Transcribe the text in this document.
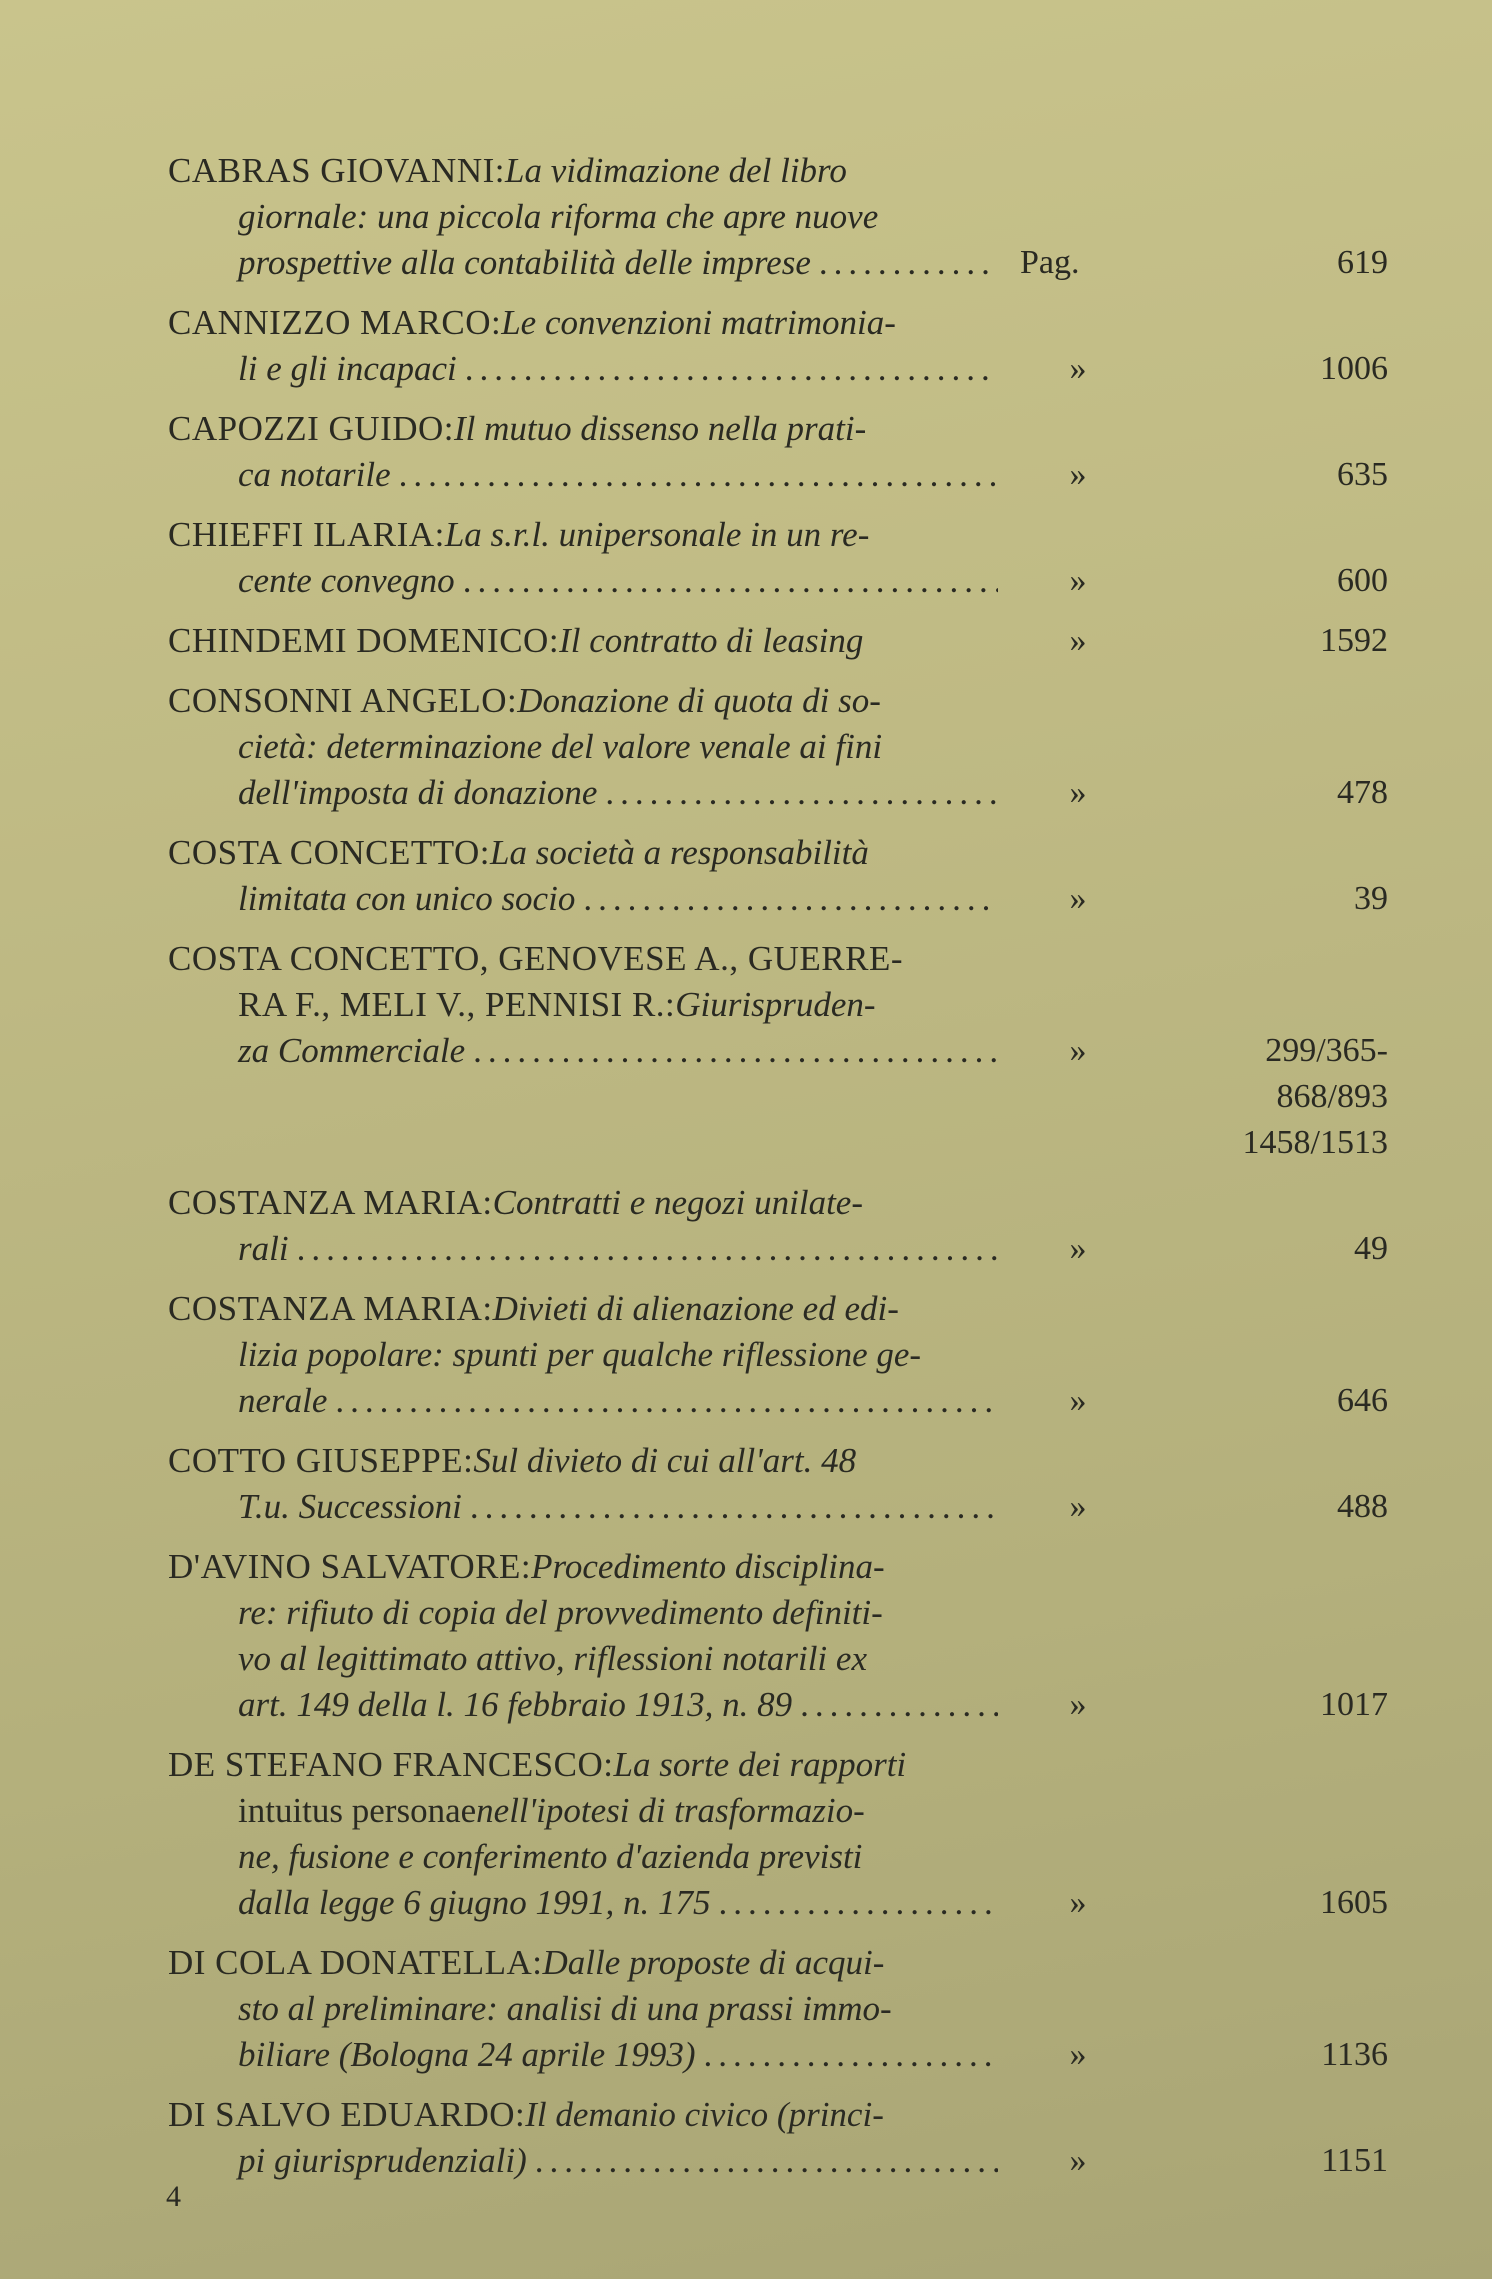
CABRAS GIOVANNI: La vidimazione del libro
giornale: una piccola riforma che apre nuove
prospettive alla contabilità delle imprese .....	Pag.	619
CANNIZZO MARCO: Le convenzioni matrimonia-
li e gli incapaci .....	»	1006
CAPOZZI GUIDO: Il mutuo dissenso nella prati-
ca notarile .....	»	635
CHIEFFI ILARIA: La s.r.l. unipersonale in un re-
cente convegno .....	»	600
CHINDEMI DOMENICO: Il contratto di leasing	»	1592
CONSONNI ANGELO: Donazione di quota di so-
cietà: determinazione del valore venale ai fini
dell'imposta di donazione .....	»	478
COSTA CONCETTO: La società a responsabilità
limitata con unico socio .....	»	39
COSTA CONCETTO, GENOVESE A., GUERRE-
RA F., MELI V., PENNISI R.: Giurispruden-
za Commerciale .....	»	299/365-868/893
1458/1513
COSTANZA MARIA: Contratti e negozi unilate-
rali .....	»	49
COSTANZA MARIA: Divieti di alienazione ed edi-
lizia popolare: spunti per qualche riflessione ge-
nerale .....	»	646
COTTO GIUSEPPE: Sul divieto di cui all'art. 48
T.u. Successioni .....	»	488
D'AVINO SALVATORE: Procedimento disciplina-
re: rifiuto di copia del provvedimento definiti-
vo al legittimato attivo, riflessioni notarili ex
art. 149 della l. 16 febbraio 1913, n. 89 .....	»	1017
DE STEFANO FRANCESCO: La sorte dei rapporti
intuitus personae nell'ipotesi di trasformazio-
ne, fusione e conferimento d'azienda previsti
dalla legge 6 giugno 1991, n. 175 .....	»	1605
DI COLA DONATELLA: Dalle proposte di acqui-
sto al preliminare: analisi di una prassi immo-
biliare (Bologna 24 aprile 1993) .....	»	1136
DI SALVO EDUARDO: Il demanio civico (princi-
pi giurisprudenziali) .....	»	1151
4
